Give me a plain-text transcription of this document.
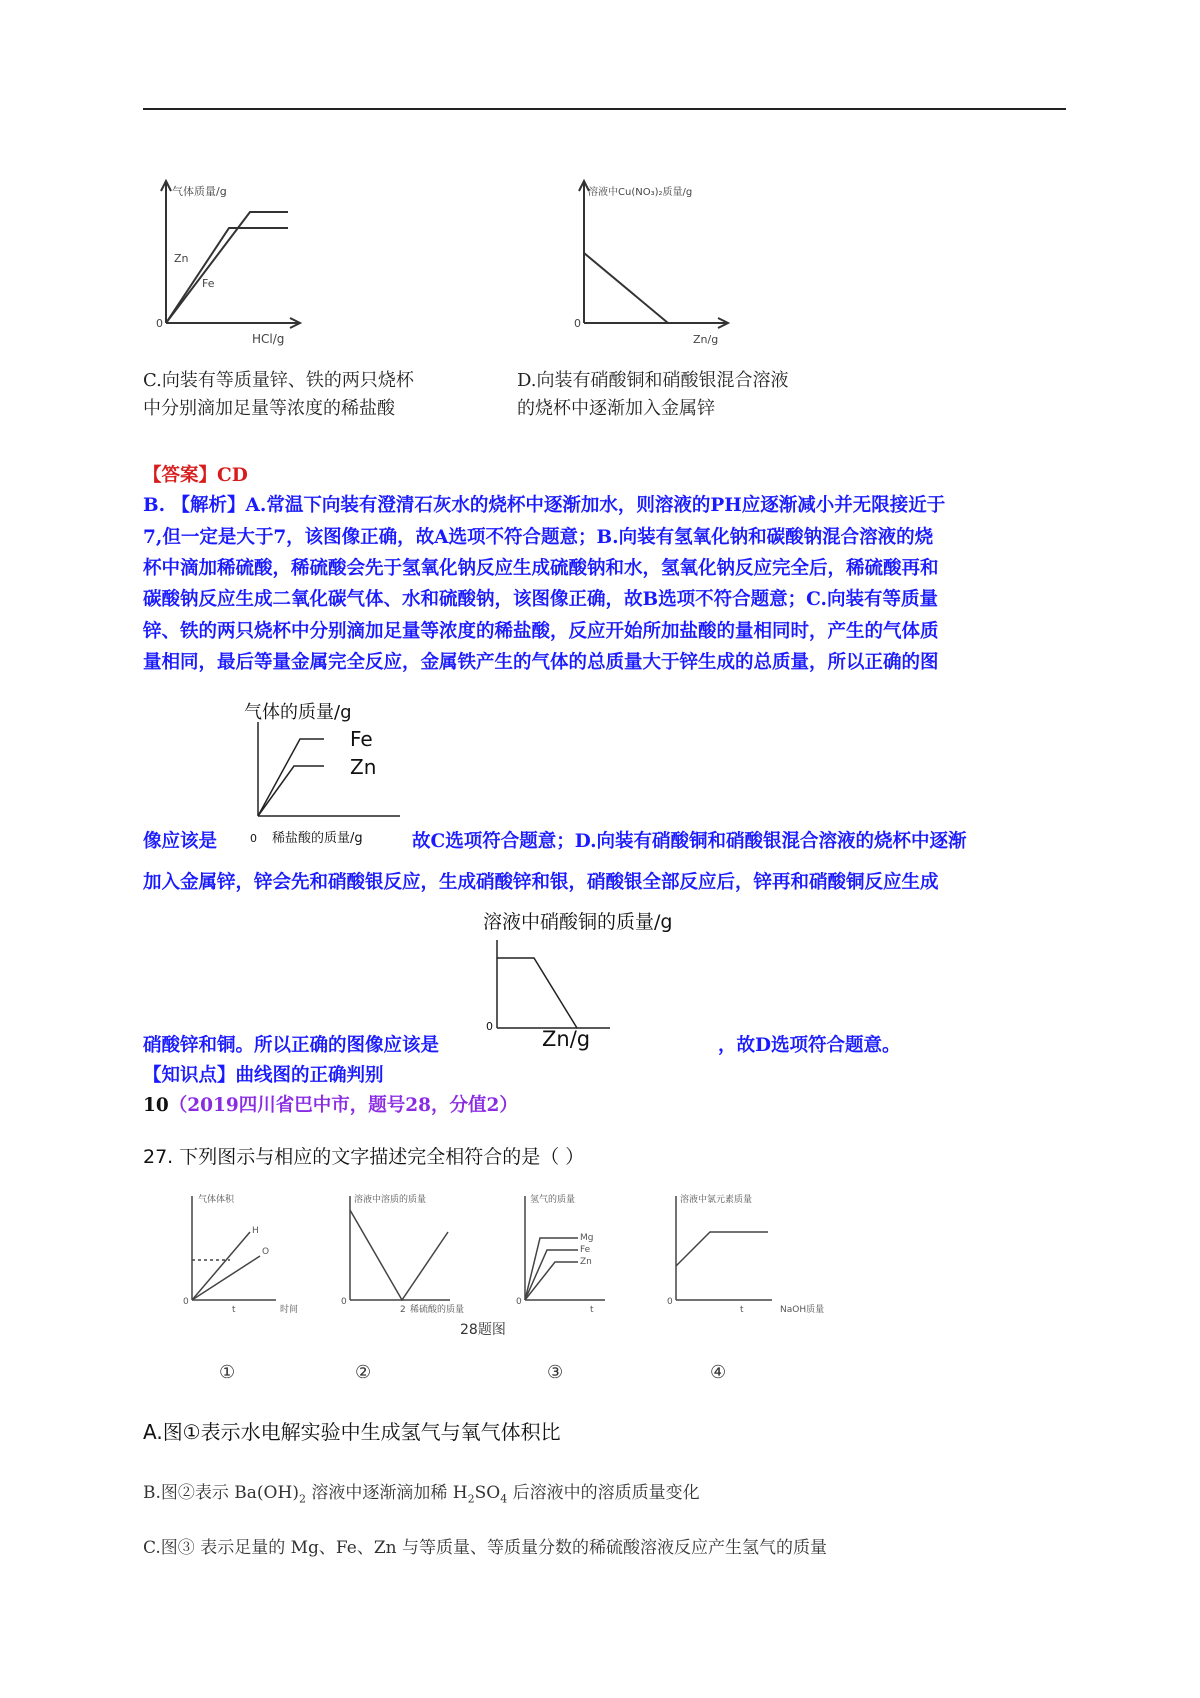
气体质量/g
HCl/g
0
Zn
Fe
溶液中Cu(NO₃)₂质量/g
Zn/g
0
C.向装有等质量锌、铁的两只烧杯
中分别滴加足量等浓度的稀盐酸
D.向装有硝酸铜和硝酸银混合溶液
的烧杯中逐渐加入金属锌
【答案】CD
B. 【解析】A.常温下向装有澄清石灰水的烧杯中逐渐加水，则溶液的PH应逐渐减小并无限接近于
7,但一定是大于7，该图像正确，故A选项不符合题意；B.向装有氢氧化钠和碳酸钠混合溶液的烧
杯中滴加稀硫酸，稀硫酸会先于氢氧化钠反应生成硫酸钠和水，氢氧化钠反应完全后，稀硫酸再和
碳酸钠反应生成二氧化碳气体、水和硫酸钠，该图像正确，故B选项不符合题意；C.向装有等质量
锌、铁的两只烧杯中分别滴加足量等浓度的稀盐酸，反应开始所加盐酸的量相同时，产生的气体质
量相同，最后等量金属完全反应，金属铁产生的气体的总质量大于锌生成的总质量，所以正确的图
气体的质量/g
Fe
Zn
0 稀盐酸的质量/g
像应该是	故C选项符合题意；D.向装有硝酸铜和硝酸银混合溶液的烧杯中逐渐
加入金属锌，锌会先和硝酸银反应，生成硝酸锌和银，硝酸银全部反应后，锌再和硝酸铜反应生成
溶液中硝酸铜的质量/g
0
Zn/g
硝酸锌和铜。所以正确的图像应该是	，故D选项符合题意。
【知识点】曲线图的正确判别
10（2019四川省巴中市，题号28，分值2）
27. 下列图示与相应的文字描述完全相符合的是（ ）
气体体积
H
O
0
t	时间
溶液中溶质的质量
0
2 稀硫酸的质量
氢气的质量
Mg
Fe
Zn
0
t
溶液中氯元素质量
0
t	NaOH质量
28题图
①	②	③	④
A.图①表示水电解实验中生成氢气与氧气体积比
B.图②表示 $Ba(OH)_2$ 溶液中逐渐滴加稀 $H_2SO_4$ 后溶液中的溶质质量变化
C.图③ 表示足量的 Mg、Fe、Zn 与等质量、等质量分数的稀硫酸溶液反应产生氢气的质量
